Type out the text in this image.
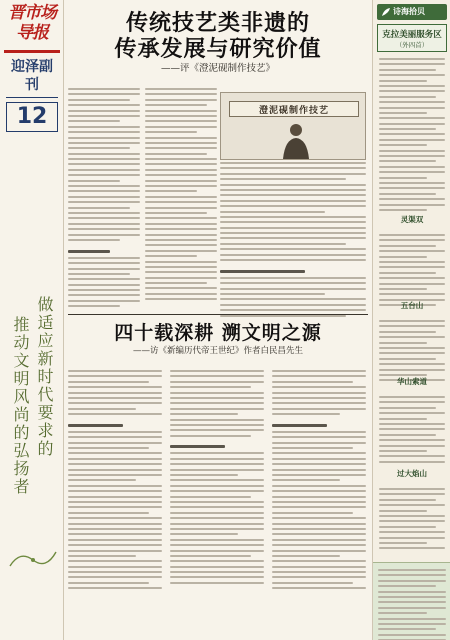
晋市场导报
迎泽副刊
12
做适应新时代要求的
推动文明风尚的弘扬者
传统技艺类非遗的
传承发展与研究价值
——评《澄泥砚制作技艺》
澄泥砚制作技艺
四十载深耕 溯文明之源
——访《新编历代帝王世纪》作者白民昌先生
诗海拾贝
克拉美丽服务区
（外四首）
灵渠双
五台山
华山索道
过大焰山
